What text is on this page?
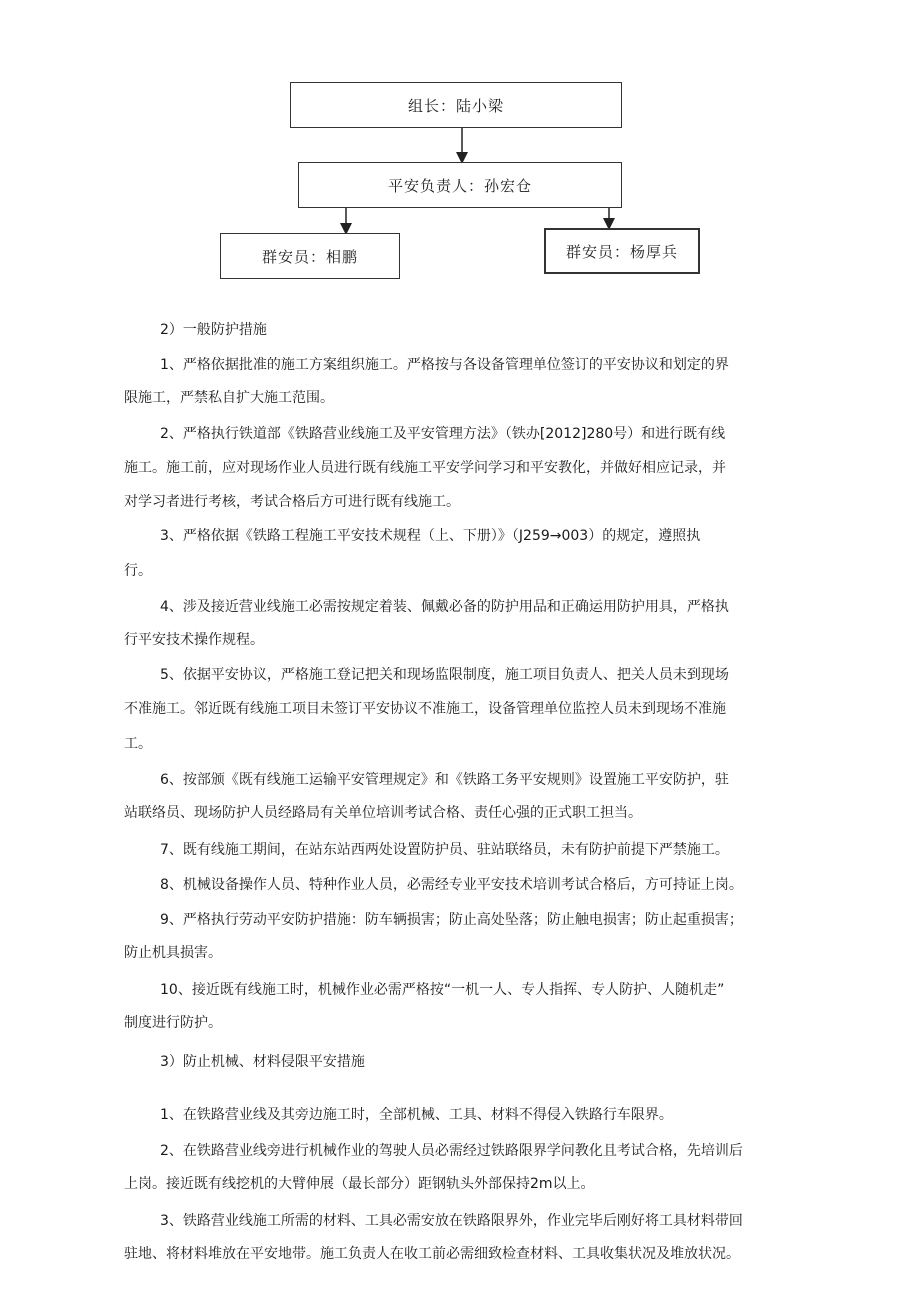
组长：陆小梁
平安负责人：孙宏仓
群安员：相鹏	群安员：杨厚兵
2）一般防护措施
1、严格依据批准的施工方案组织施工。严格按与各设备管理单位签订的平安协议和划定的界
限施工，严禁私自扩大施工范围。
2、严格执行铁道部《铁路营业线施工及平安管理方法》（铁办[2012]280号）和进行既有线
施工。施工前，应对现场作业人员进行既有线施工平安学问学习和平安教化，并做好相应记录，并
对学习者进行考核，考试合格后方可进行既有线施工。
3、严格依据《铁路工程施工平安技术规程（上、下册）》（J259→003）的规定，遵照执
行。
4、涉及接近营业线施工必需按规定着装、佩戴必备的防护用品和正确运用防护用具，严格执
行平安技术操作规程。
5、依据平安协议，严格施工登记把关和现场监限制度，施工项目负责人、把关人员未到现场
不准施工。邻近既有线施工项目未签订平安协议不准施工，设备管理单位监控人员未到现场不准施
工。
6、按部颁《既有线施工运输平安管理规定》和《铁路工务平安规则》设置施工平安防护，驻
站联络员、现场防护人员经路局有关单位培训考试合格、责任心强的正式职工担当。
7、既有线施工期间，在站东站西两处设置防护员、驻站联络员，未有防护前提下严禁施工。
8、机械设备操作人员、特种作业人员，必需经专业平安技术培训考试合格后，方可持证上岗。
9、严格执行劳动平安防护措施：防车辆损害；防止高处坠落；防止触电损害；防止起重损害；
防止机具损害。
10、接近既有线施工时，机械作业必需严格按“一机一人、专人指挥、专人防护、人随机走”
制度进行防护。
3）防止机械、材料侵限平安措施
1、在铁路营业线及其旁边施工时，全部机械、工具、材料不得侵入铁路行车限界。
2、在铁路营业线旁进行机械作业的驾驶人员必需经过铁路限界学问教化且考试合格，先培训后
上岗。接近既有线挖机的大臂伸展（最长部分）距钢轨头外部保持2m以上。
3、铁路营业线施工所需的材料、工具必需安放在铁路限界外，作业完毕后刚好将工具材料带回
驻地、将材料堆放在平安地带。施工负责人在收工前必需细致检查材料、工具收集状况及堆放状况。
